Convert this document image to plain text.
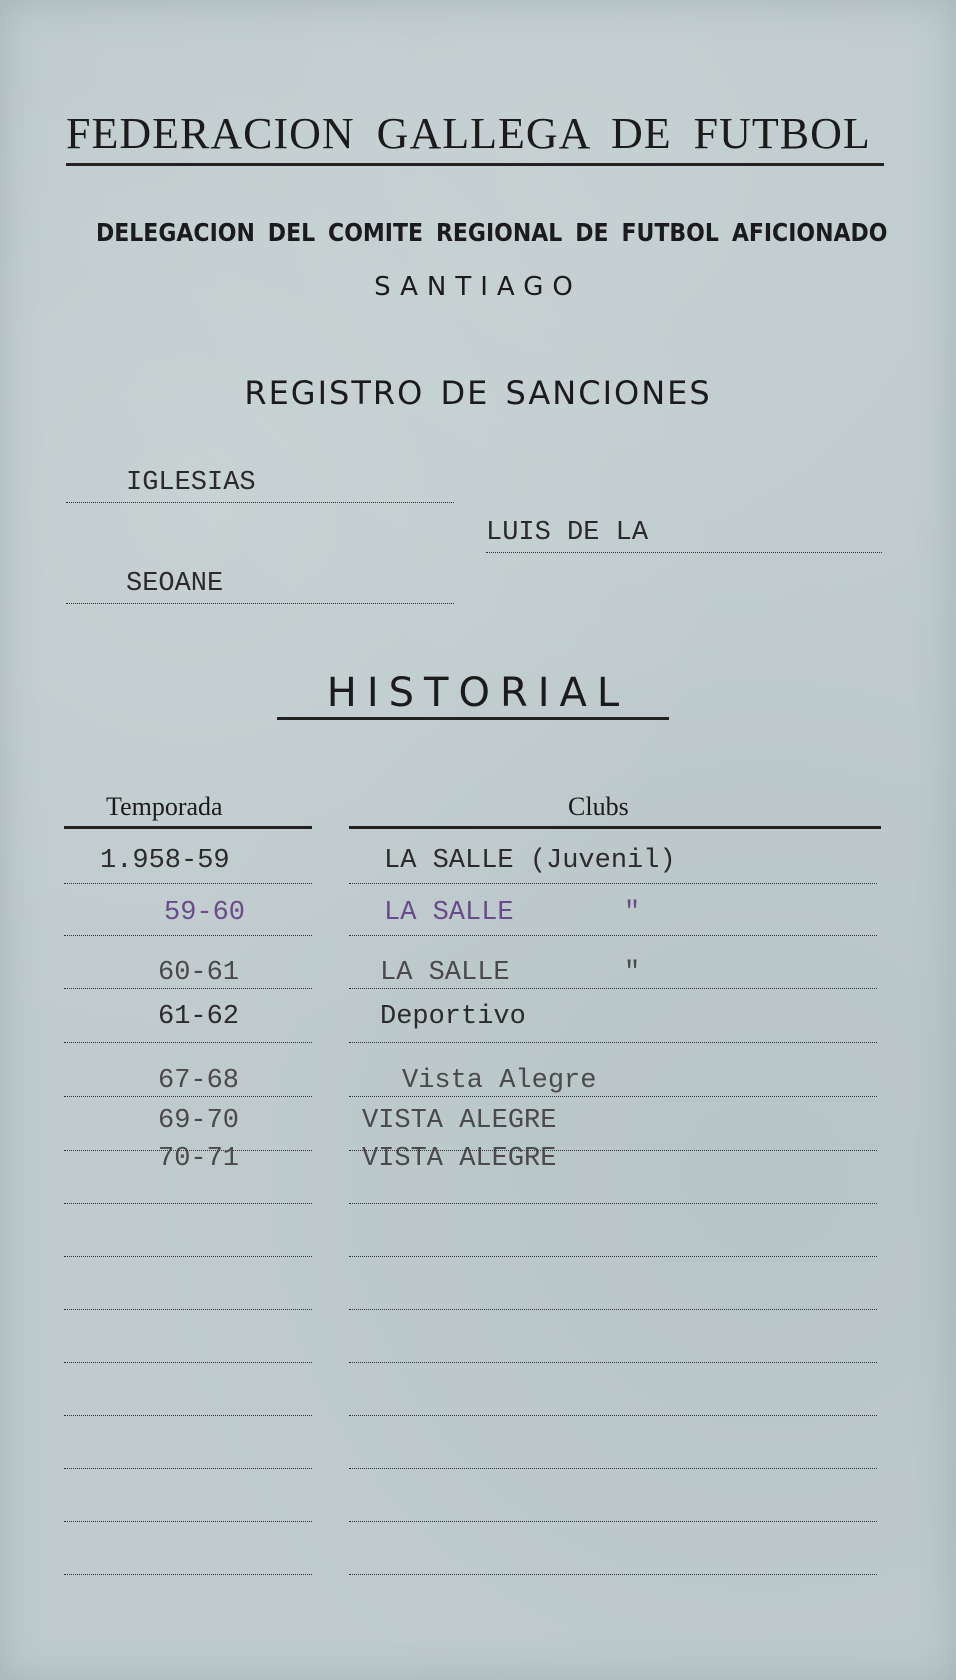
FEDERACION GALLEGA DE FUTBOL
DELEGACION DEL COMITE REGIONAL DE FUTBOL AFICIONADO
SANTIAGO
REGISTRO DE SANCIONES
IGLESIAS
LUIS DE LA
SEOANE
HISTORIAL
Temporada	Clubs
1.958-59	LA SALLE (Juvenil)
59-60	LA SALLE	"
60-61	LA SALLE	"
61-62	Deportivo
67-68	Vista Alegre
69-70	VISTA ALEGRE
70-71	VISTA ALEGRE
